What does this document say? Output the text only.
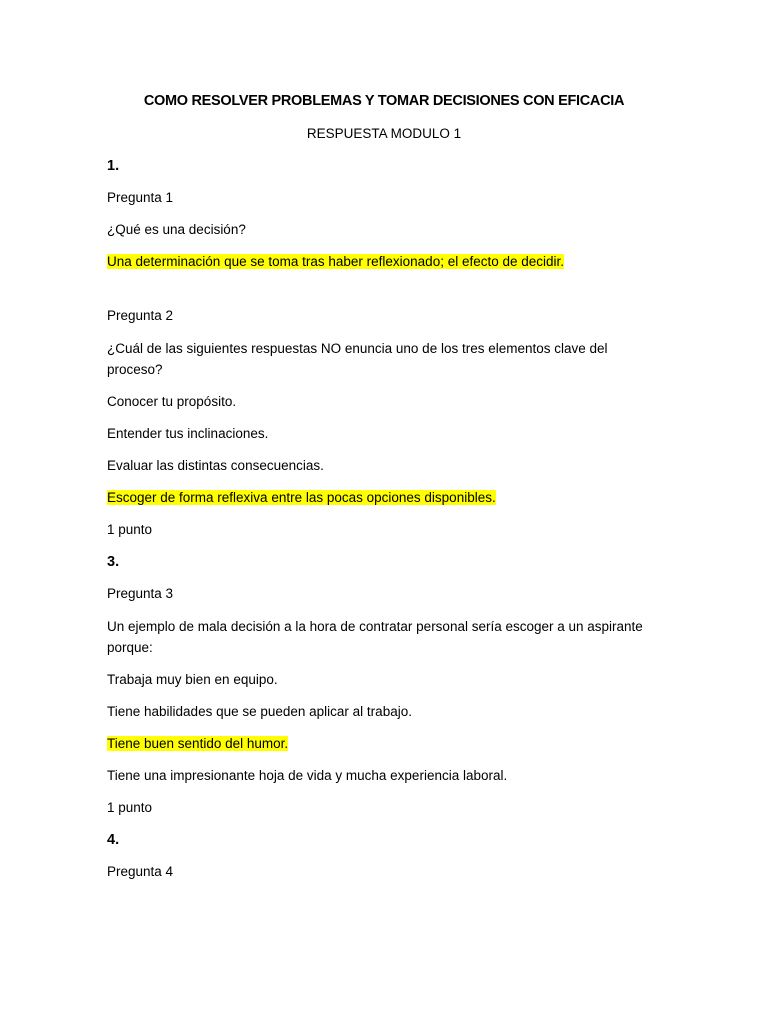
COMO RESOLVER PROBLEMAS Y TOMAR DECISIONES CON EFICACIA
RESPUESTA MODULO 1
1.
Pregunta 1
¿Qué es una decisión?
Una determinación que se toma tras haber reflexionado; el efecto de decidir.
Pregunta 2
¿Cuál de las siguientes respuestas NO enuncia uno de los tres elementos clave del proceso?
Conocer tu propósito.
Entender tus inclinaciones.
Evaluar las distintas consecuencias.
Escoger de forma reflexiva entre las pocas opciones disponibles.
1 punto
3.
Pregunta 3
Un ejemplo de mala decisión a la hora de contratar personal sería escoger a un aspirante porque:
Trabaja muy bien en equipo.
Tiene habilidades que se pueden aplicar al trabajo.
Tiene buen sentido del humor.
Tiene una impresionante hoja de vida y mucha experiencia laboral.
1 punto
4.
Pregunta 4
